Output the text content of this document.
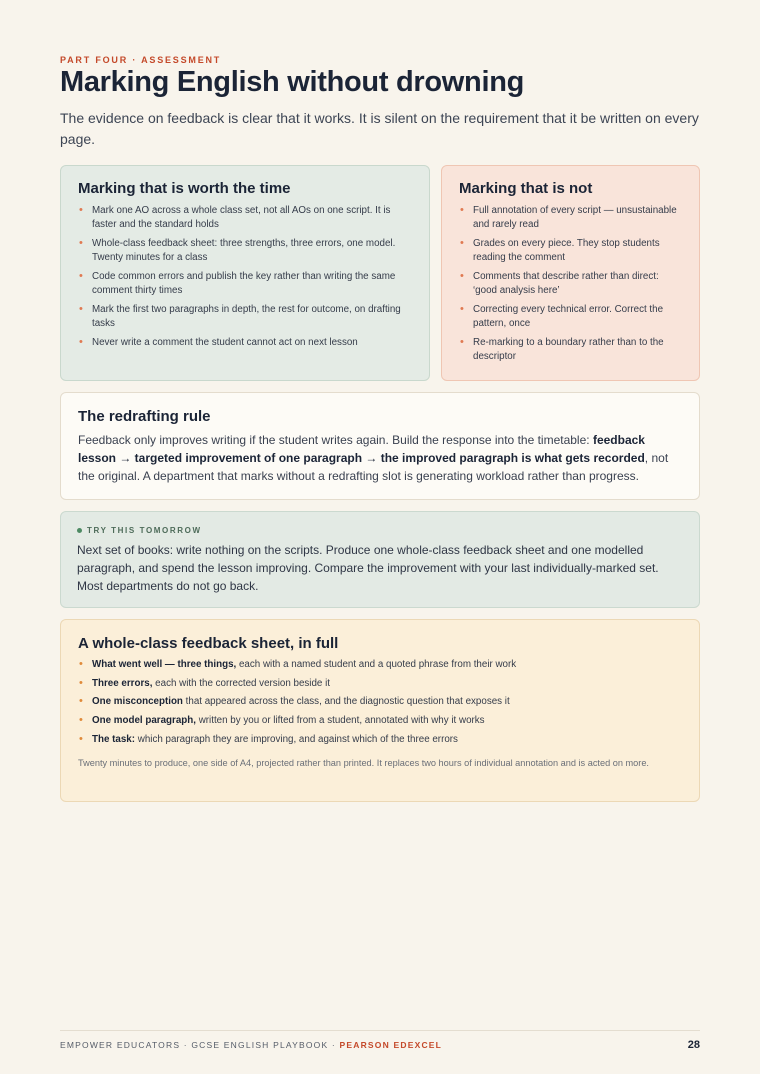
PART FOUR · ASSESSMENT
Marking English without drowning

The evidence on feedback is clear that it works. It is silent on the requirement that it be written on every page.

Marking that is worth the time
• Mark one AO across a whole class set, not all AOs on one script. It is faster and the standard holds
• Whole-class feedback sheet: three strengths, three errors, one model. Twenty minutes for a class
• Code common errors and publish the key rather than writing the same comment thirty times
• Mark the first two paragraphs in depth, the rest for outcome, on drafting tasks
• Never write a comment the student cannot act on next lesson
Marking that is not
• Full annotation of every script — unsustainable and rarely read
• Grades on every piece. They stop students reading the comment
• Comments that describe rather than direct: ‘good analysis here’
• Correcting every technical error. Correct the pattern, once
• Re-marking to a boundary rather than to the descriptor
The redrafting rule

Feedback only improves writing if the student writes again. Build the response into the timetable: feedback lesson → targeted improvement of one paragraph → the improved paragraph is what gets recorded, not the original. A department that marks without a redrafting slot is generating workload rather than progress.

TRY THIS TOMORROW

Next set of books: write nothing on the scripts. Produce one whole-class feedback sheet and one modelled paragraph, and spend the lesson improving. Compare the improvement with your last individually-marked set. Most departments do not go back.

A whole-class feedback sheet, in full
• What went well — three things, each with a named student and a quoted phrase from their work
• Three errors, each with the corrected version beside it
• One misconception that appeared across the class, and the diagnostic question that exposes it
• One model paragraph, written by you or lifted from a student, annotated with why it works
• The task: which paragraph they are improving, and against which of the three errors

Twenty minutes to produce, one side of A4, projected rather than printed. It replaces two hours of individual annotation and is acted on more.

EMPOWER EDUCATORS · GCSE ENGLISH PLAYBOOK · PEARSON EDEXCEL	28
